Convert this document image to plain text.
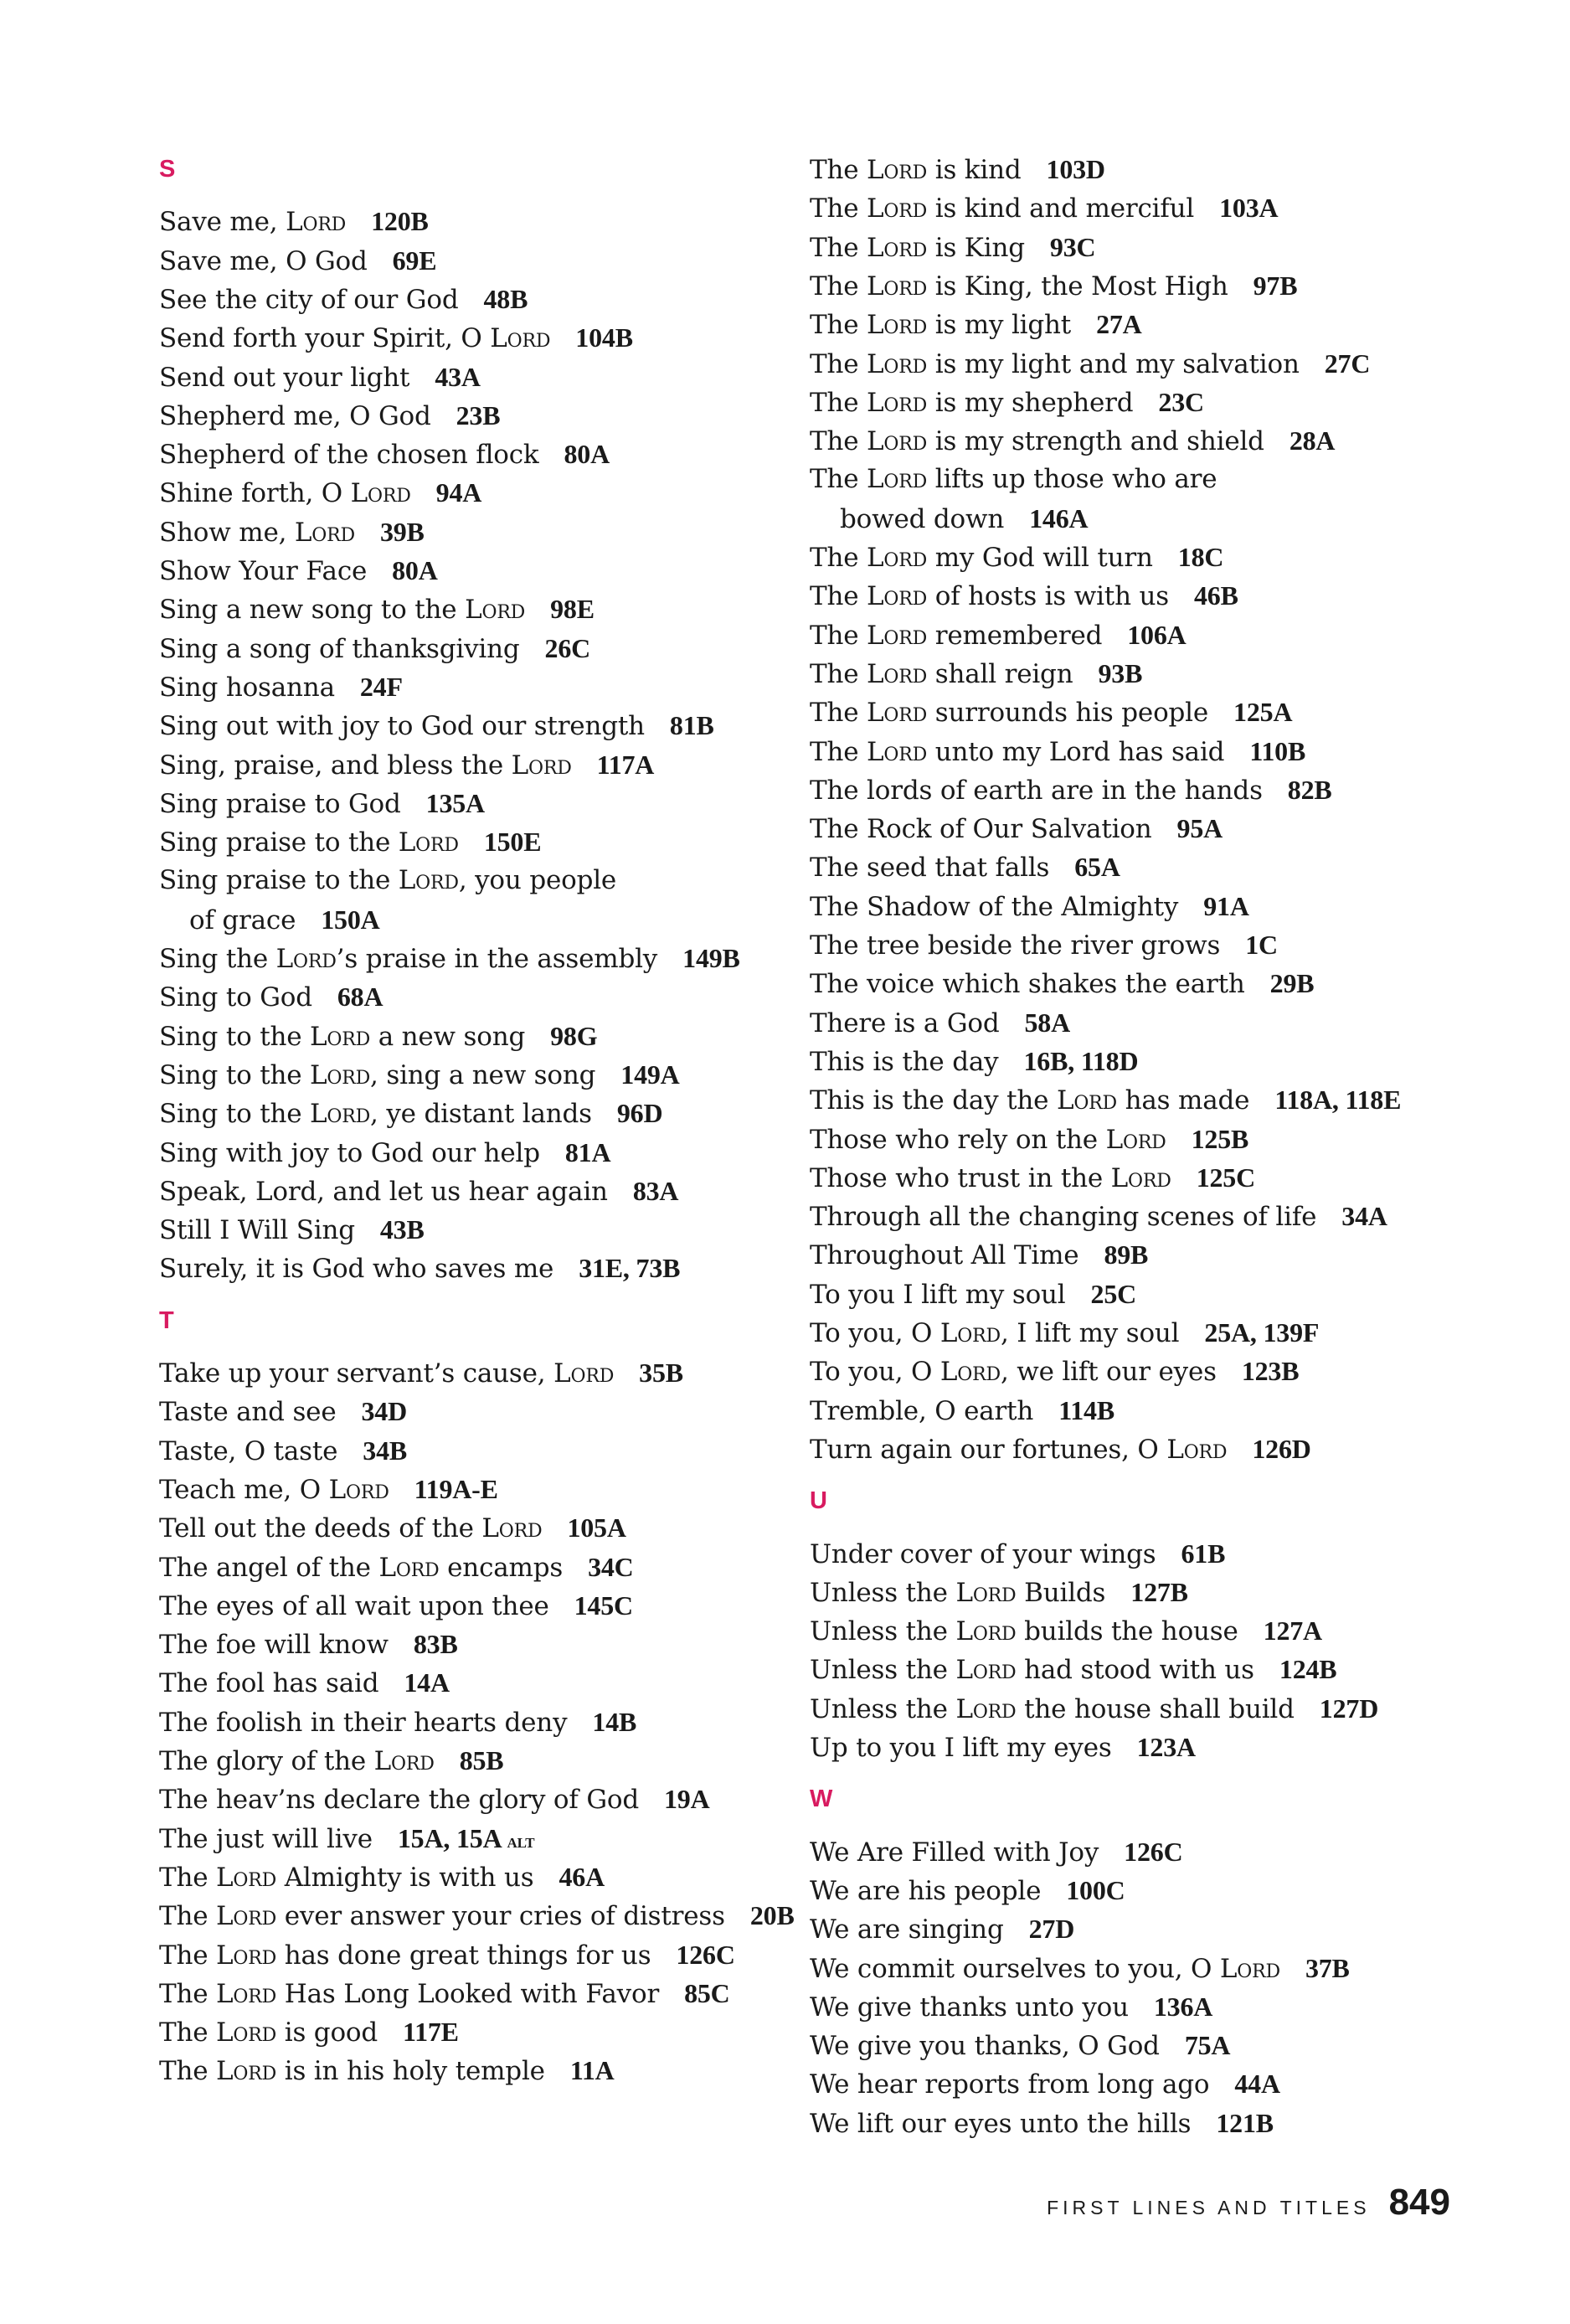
S
Save me, Lord 120B
Save me, O God 69E
See the city of our God 48B
Send forth your Spirit, O Lord 104B
Send out your light 43A
Shepherd me, O God 23B
Shepherd of the chosen flock 80A
Shine forth, O Lord 94A
Show me, Lord 39B
Show Your Face 80A
Sing a new song to the Lord 98E
Sing a song of thanksgiving 26C
Sing hosanna 24F
Sing out with joy to God our strength 81B
Sing, praise, and bless the Lord 117A
Sing praise to God 135A
Sing praise to the Lord 150E
Sing praise to the Lord, you people
of grace 150A
Sing the Lord’s praise in the assembly 149B
Sing to God 68A
Sing to the Lord a new song 98G
Sing to the Lord, sing a new song 149A
Sing to the Lord, ye distant lands 96D
Sing with joy to God our help 81A
Speak, Lord, and let us hear again 83A
Still I Will Sing 43B
Surely, it is God who saves me 31E, 73B
T
Take up your servant’s cause, Lord 35B
Taste and see 34D
Taste, O taste 34B
Teach me, O Lord 119A-E
Tell out the deeds of the Lord 105A
The angel of the Lord encamps 34C
The eyes of all wait upon thee 145C
The foe will know 83B
The fool has said 14A
The foolish in their hearts deny 14B
The glory of the Lord 85B
The heav’ns declare the glory of God 19A
The just will live 15A, 15A alt
The Lord Almighty is with us 46A
The Lord ever answer your cries of distress 20B
The Lord has done great things for us 126C
The Lord Has Long Looked with Favor 85C
The Lord is good 117E
The Lord is in his holy temple 11A
The Lord is kind 103D
The Lord is kind and merciful 103A
The Lord is King 93C
The Lord is King, the Most High 97B
The Lord is my light 27A
The Lord is my light and my salvation 27C
The Lord is my shepherd 23C
The Lord is my strength and shield 28A
The Lord lifts up those who are
bowed down 146A
The Lord my God will turn 18C
The Lord of hosts is with us 46B
The Lord remembered 106A
The Lord shall reign 93B
The Lord surrounds his people 125A
The Lord unto my Lord has said 110B
The lords of earth are in the hands 82B
The Rock of Our Salvation 95A
The seed that falls 65A
The Shadow of the Almighty 91A
The tree beside the river grows 1C
The voice which shakes the earth 29B
There is a God 58A
This is the day 16B, 118D
This is the day the Lord has made 118A, 118E
Those who rely on the Lord 125B
Those who trust in the Lord 125C
Through all the changing scenes of life 34A
Throughout All Time 89B
To you I lift my soul 25C
To you, O Lord, I lift my soul 25A, 139F
To you, O Lord, we lift our eyes 123B
Tremble, O earth 114B
Turn again our fortunes, O Lord 126D
U
Under cover of your wings 61B
Unless the Lord Builds 127B
Unless the Lord builds the house 127A
Unless the Lord had stood with us 124B
Unless the Lord the house shall build 127D
Up to you I lift my eyes 123A
W
We Are Filled with Joy 126C
We are his people 100C
We are singing 27D
We commit ourselves to you, O Lord 37B
We give thanks unto you 136A
We give you thanks, O God 75A
We hear reports from long ago 44A
We lift our eyes unto the hills 121B
FIRST LINES AND TITLES 849
